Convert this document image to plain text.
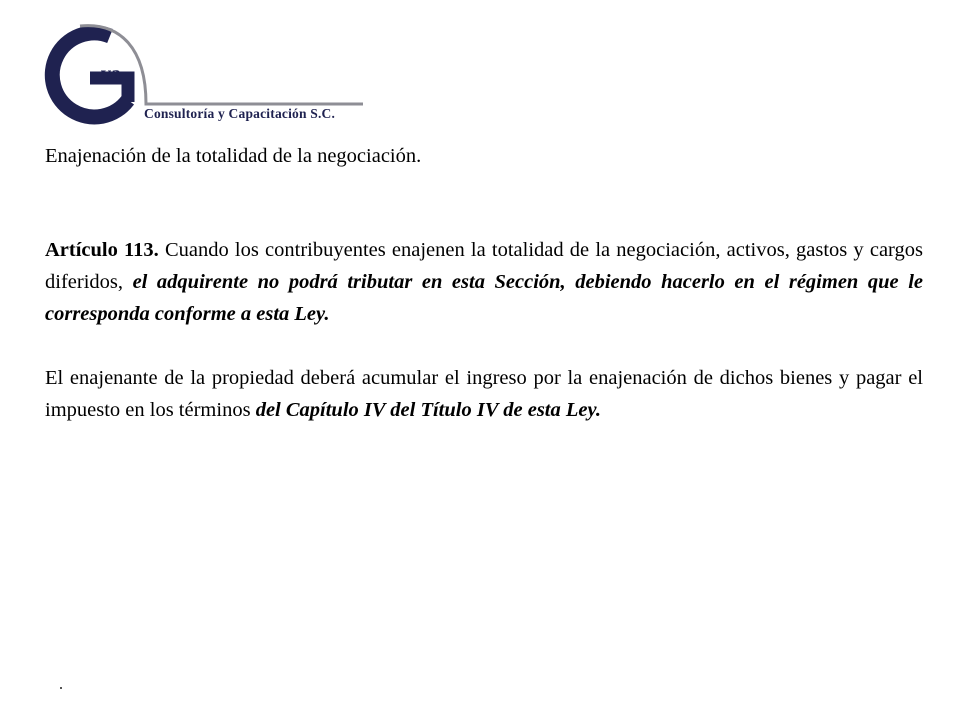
va
Consultoría y Capacitación S.C.
Enajenación de la totalidad de la negociación.

Artículo 113. Cuando los contribuyentes enajenen la totalidad de la negociación, activos, gastos y cargos diferidos, el adquirente no podrá tributar en esta Sección, debiendo hacerlo en el régimen que le corresponda conforme a esta Ley.

El enajenante de la propiedad deberá acumular el ingreso por la enajenación de dichos bienes y pagar el impuesto en los términos del Capítulo IV del Título IV de esta Ley.
